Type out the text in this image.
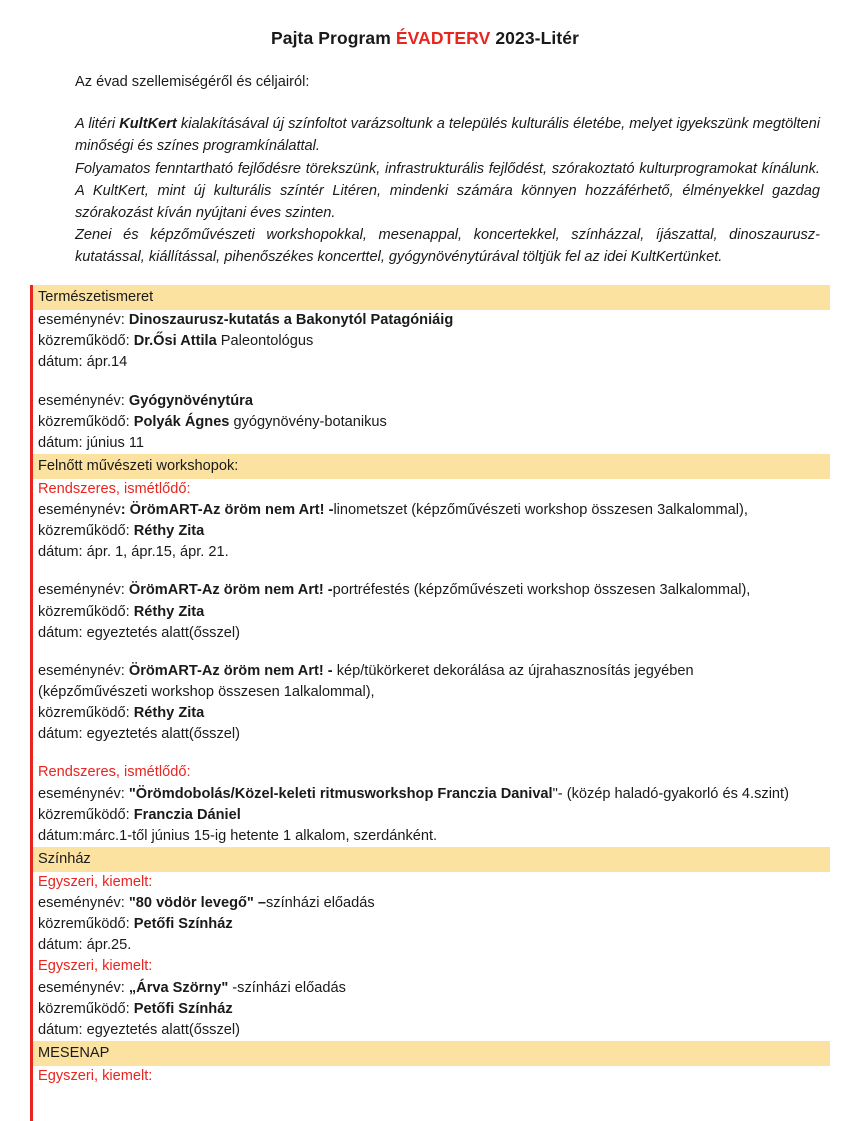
Pajta Program ÉVADTERV 2023-Litér

Az évad szellemiségéről és céljairól:

A litéri KultKert kialakításával új színfoltot varázsoltunk a település kulturális életébe, melyet igyekszünk megtölteni minőségi és színes programkínálattal.

Folyamatos fenntartható fejlődésre törekszünk, infrastrukturális fejlődést, szórakoztató kulturprogramokat kínálunk. A KultKert, mint új kulturális színtér Litéren, mindenki számára könnyen hozzáférhető, élményekkel gazdag szórakozást kíván nyújtani éves szinten.

Zenei és képzőművészeti workshopokkal, mesenappal, koncertekkel, színházzal, íjászattal, dinoszaurusz-kutatással, kiállítással, pihenőszékes koncerttel, gyógynövénytúrával töltjük fel az idei KultKertünket.

Természetismeret
eseménynév: Dinoszaurusz-kutatás a Bakonytól Patagóniáig
közreműködő: Dr.Ősi Attila Paleontológus
dátum: ápr.14
eseménynév: Gyógynövénytúra
közreműködő: Polyák Ágnes gyógynövény-botanikus
dátum: június 11
Felnőtt művészeti workshopok:
Rendszeres, ismétlődő:
eseménynév: ÖrömART-Az öröm nem Art! -linometszet (képzőművészeti workshop összesen 3alkalommal),
közreműködő: Réthy Zita
dátum: ápr. 1, ápr.15, ápr. 21.
eseménynév: ÖrömART-Az öröm nem Art! -portréfestés (képzőművészeti workshop összesen 3alkalommal),
közreműködő: Réthy Zita
dátum: egyeztetés alatt(ősszel)
eseménynév: ÖrömART-Az öröm nem Art! - kép/tükörkeret dekorálása az újrahasznosítás jegyében
(képzőművészeti workshop összesen 1alkalommal),
közreműködő: Réthy Zita
dátum: egyeztetés alatt(ősszel)
Rendszeres, ismétlődő:
eseménynév: "Örömdobolás/Közel-keleti ritmusworkshop Franczia Danival"- (közép haladó-gyakorló és 4.szint)
közreműködő: Franczia Dániel
dátum:márc.1-től június 15-ig hetente 1 alkalom, szerdánként.
Színház
Egyszeri, kiemelt:
eseménynév: "80 vödör levegő" –színházi előadás
közreműködő: Petőfi Színház
dátum: ápr.25.
Egyszeri, kiemelt:
eseménynév: „Árva Szörny" -színházi előadás
közreműködő: Petőfi Színház
dátum: egyeztetés alatt(ősszel)
MESENAP
Egyszeri, kiemelt:
